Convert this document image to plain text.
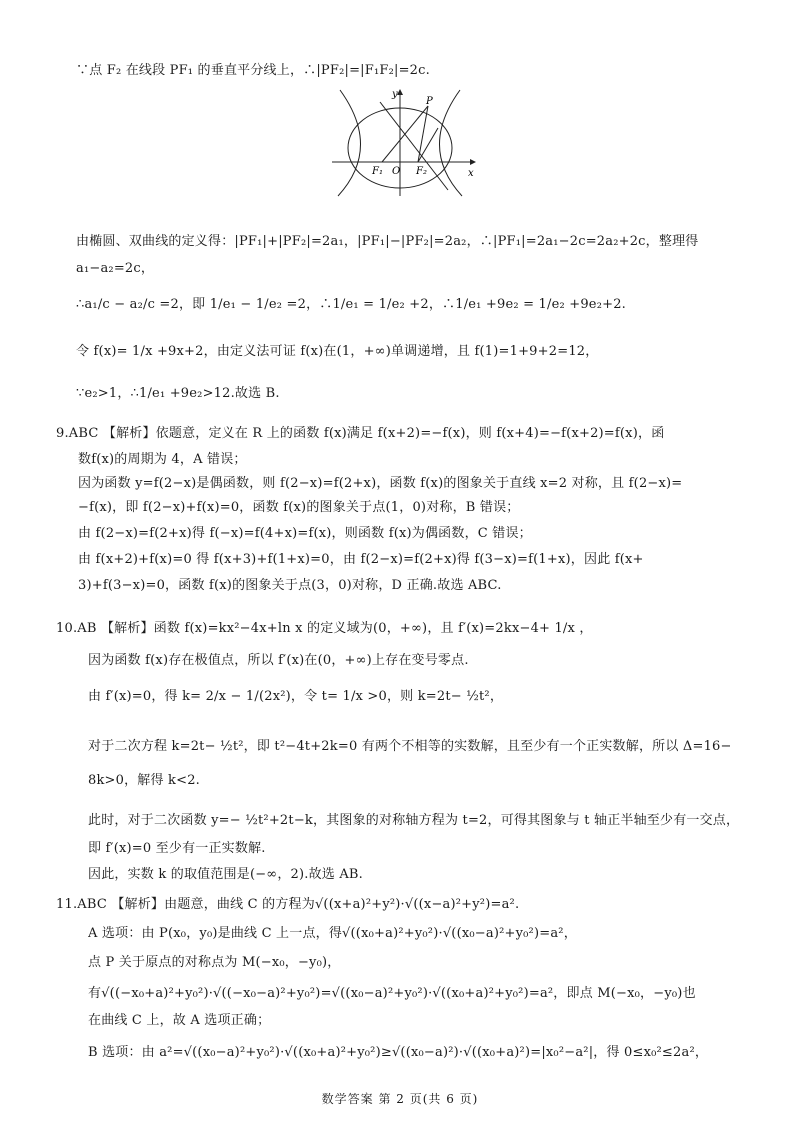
∵点 F₂ 在线段 PF₁ 的垂直平分线上，∴|PF₂|=|F₁F₂|=2c.
y
x
O
P
F₁	F₂
由椭圆、双曲线的定义得：|PF₁|+|PF₂|=2a₁，|PF₁|−|PF₂|=2a₂，∴|PF₁|=2a₁−2c=2a₂+2c，整理得
a₁−a₂=2c，
∴a₁/c − a₂/c =2，即 1/e₁ − 1/e₂ =2，∴1/e₁ = 1/e₂ +2，∴1/e₁ +9e₂ = 1/e₂ +9e₂+2.
令 f(x)= 1/x +9x+2，由定义法可证 f(x)在(1，+∞)单调递增，且 f(1)=1+9+2=12，
∵e₂>1，∴1/e₁ +9e₂>12.故选 B.
9.ABC 【解析】依题意，定义在 R 上的函数 f(x)满足 f(x+2)=−f(x)，则 f(x+4)=−f(x+2)=f(x)，函
数f(x)的周期为 4，A 错误；
因为函数 y=f(2−x)是偶函数，则 f(2−x)=f(2+x)，函数 f(x)的图象关于直线 x=2 对称，且 f(2−x)=
−f(x)，即 f(2−x)+f(x)=0，函数 f(x)的图象关于点(1，0)对称，B 错误；
由 f(2−x)=f(2+x)得 f(−x)=f(4+x)=f(x)，则函数 f(x)为偶函数，C 错误；
由 f(x+2)+f(x)=0 得 f(x+3)+f(1+x)=0，由 f(2−x)=f(2+x)得 f(3−x)=f(1+x)，因此 f(x+
3)+f(3−x)=0，函数 f(x)的图象关于点(3，0)对称，D 正确.故选 ABC.
10.AB 【解析】函数 f(x)=kx²−4x+ln x 的定义域为(0，+∞)，且 f′(x)=2kx−4+ 1/x ，
因为函数 f(x)存在极值点，所以 f′(x)在(0，+∞)上存在变号零点.
由 f′(x)=0，得 k= 2/x − 1/(2x²)，令 t= 1/x >0，则 k=2t− ½t²，
对于二次方程 k=2t− ½t²，即 t²−4t+2k=0 有两个不相等的实数解，且至少有一个正实数解，所以 Δ=16−
8k>0，解得 k<2.
此时，对于二次函数 y=− ½t²+2t−k，其图象的对称轴方程为 t=2，可得其图象与 t 轴正半轴至少有一交点，
即 f′(x)=0 至少有一正实数解.
因此，实数 k 的取值范围是(−∞，2).故选 AB.
11.ABC 【解析】由题意，曲线 C 的方程为√((x+a)²+y²)·√((x−a)²+y²)=a².
A 选项：由 P(x₀，y₀)是曲线 C 上一点，得√((x₀+a)²+y₀²)·√((x₀−a)²+y₀²)=a²，
点 P 关于原点的对称点为 M(−x₀，−y₀)，
有√((−x₀+a)²+y₀²)·√((−x₀−a)²+y₀²)=√((x₀−a)²+y₀²)·√((x₀+a)²+y₀²)=a²，即点 M(−x₀，−y₀)也
在曲线 C 上，故 A 选项正确；
B 选项：由 a²=√((x₀−a)²+y₀²)·√((x₀+a)²+y₀²)≥√((x₀−a)²)·√((x₀+a)²)=|x₀²−a²|，得 0≤x₀²≤2a²，
数学答案 第 2 页(共 6 页)
